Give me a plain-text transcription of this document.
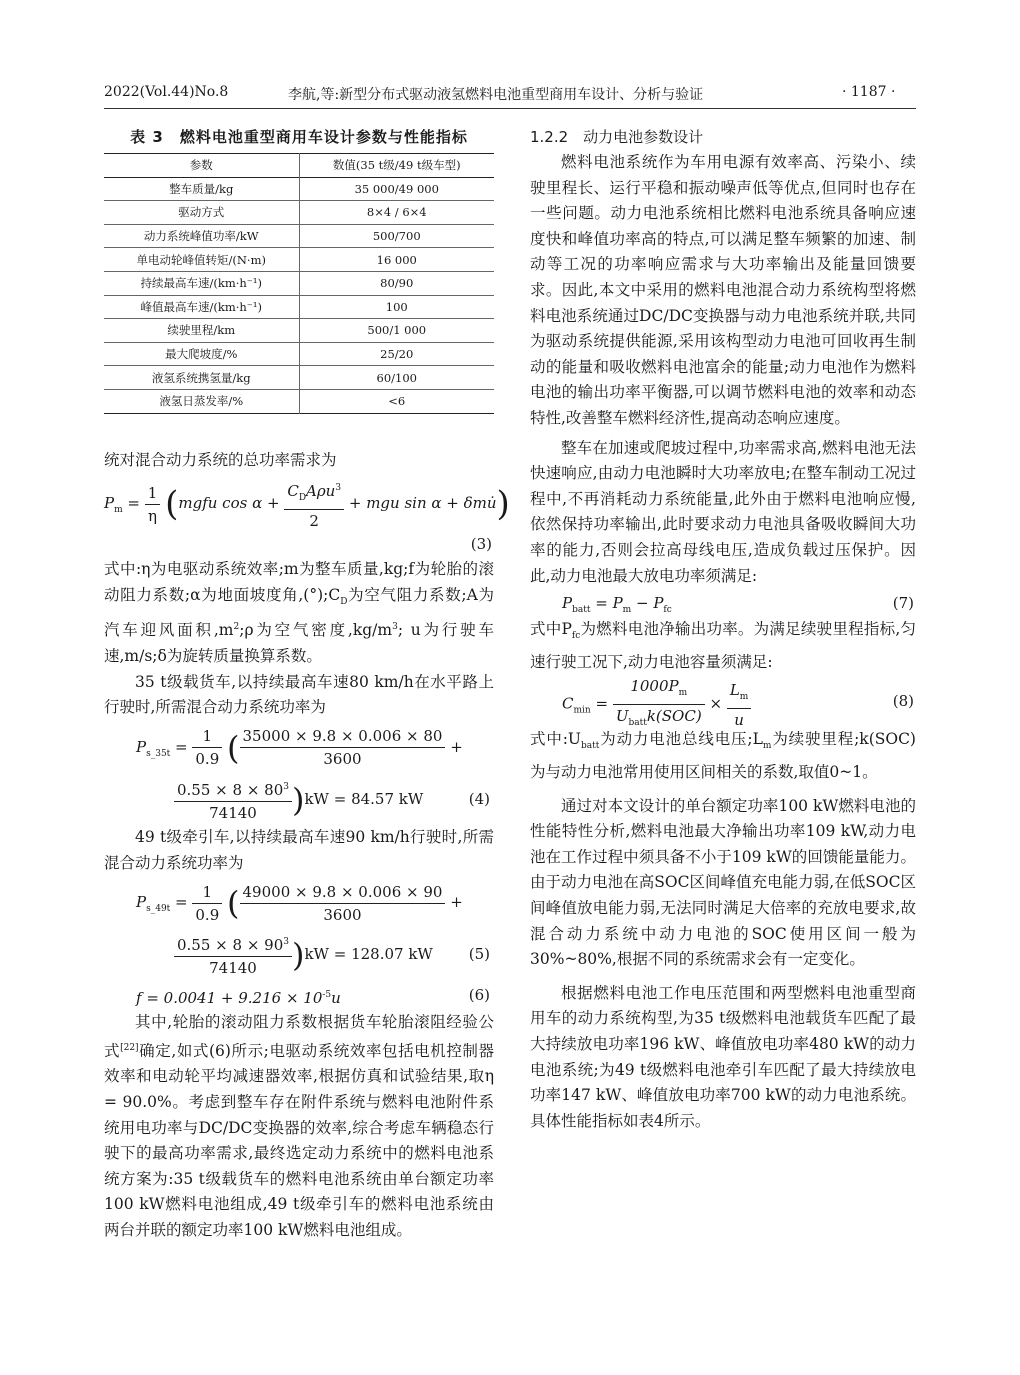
2022(Vol.44)No.8	李航,等:新型分布式驱动液氢燃料电池重型商用车设计、分析与验证	· 1187 ·
表 3　燃料电池重型商用车设计参数与性能指标
参数	数值(35 t级/49 t级车型)
整车质量/kg	35 000/49 000
驱动方式	8×4 / 6×4
动力系统峰值功率/kW	500/700
单电动轮峰值转矩/(N·m)	16 000
持续最高车速/(km·h⁻¹)	80/90
峰值最高车速/(km·h⁻¹)	100
续驶里程/km	500/1 000
最大爬坡度/%	25/20
液氢系统携氢量/kg	60/100
液氢日蒸发率/%	<6

统对混合动力系统的总功率需求为

$P_m = \frac{1}{\eta}$ (mgfu $\cos \alpha + \frac{C_DA\rho u^3}{2}$ + mgu sin α + δmu̇)
(3)

式中:η为电驱动系统效率;m为整车质量,kg;f为轮胎的滚动阻力系数;α为地面坡度角$,(^\circ);C_D$为空气阻力系数;A为汽车迎风面积$,m^2;\rho$为空气密度$,kg/m^3$; u为行驶车速,m/s;δ为旋转质量换算系数。

35 t级载货车,以持续最高车速80 km/h在水平路上行驶时,所需混合动力系统功率为

$P_{s\_35t} = \frac{1}{0.9}$ ( $\frac{35000 \times 9.8 \times 0.006 \times 80}{3600}$ +
$\frac{0.55 \times 8 \times 80^3}{74140} )kW = 84.57$ kW	(4)

49 t级牵引车,以持续最高车速90 km/h行驶时,所需混合动力系统功率为

$P_{s\_49t} = \frac{1}{0.9}$ ( $\frac{49000 \times 9.8 \times 0.006 \times 90}{3600}$ +
$\frac{0.55 \times 8 \times 90^3}{74140} )kW = 128.07$ kW (5)
$f = 0.0041 + 9.216 \times 10^{-5}u$	(6)

其中,轮胎的滚动阻力系数根据货车轮胎滚阻经验公式[22]确定,如式(6)所示;电驱动系统效率包括电机控制器效率和电动轮平均减速器效率,根据仿真和试验结果,取η = 90.0%。考虑到整车存在附件系统与燃料电池附件系统用电功率与DC/DC变换器的效率,综合考虑车辆稳态行驶下的最高功率需求,最终选定动力系统中的燃料电池系统方案为:35 t级载货车的燃料电池系统由单台额定功率100 kW燃料电池组成,49 t级牵引车的燃料电池系统由两台并联的额定功率100 kW燃料电池组成。

1.2.2　动力电池参数设计

燃料电池系统作为车用电源有效率高、污染小、续驶里程长、运行平稳和振动噪声低等优点,但同时也存在一些问题。动力电池系统相比燃料电池系统具备响应速度快和峰值功率高的特点,可以满足整车频繁的加速、制动等工况的功率响应需求与大功率输出及能量回馈要求。因此,本文中采用的燃料电池混合动力系统构型将燃料电池系统通过DC/DC变换器与动力电池系统并联,共同为驱动系统提供能源,采用该构型动力电池可回收再生制动的能量和吸收燃料电池富余的能量;动力电池作为燃料电池的输出功率平衡器,可以调节燃料电池的效率和动态特性,改善整车燃料经济性,提高动态响应速度。

整车在加速或爬坡过程中,功率需求高,燃料电池无法快速响应,由动力电池瞬时大功率放电;在整车制动工况过程中,不再消耗动力系统能量,此外由于燃料电池响应慢,依然保持功率输出,此时要求动力电池具备吸收瞬间大功率的能力,否则会拉高母线电压,造成负载过压保护。因此,动力电池最大放电功率须满足:

$P_{batt} = P_m - P_{fc}$	(7)

式中$P_{fc}$为燃料电池净输出功率。为满足续驶里程指标,匀速行驶工况下,动力电池容量须满足:

$C_{min} = \frac{1000P_m}{U_{batt}k(SOC)} \times \frac{L_m}{u}$	(8)

式中$:U_{batt}$为动力电池总线电压$;L_m$为续驶里程;k(SOC)为与动力电池常用使用区间相关的系数,取值0~1。

通过对本文设计的单台额定功率100 kW燃料电池的性能特性分析,燃料电池最大净输出功率109 kW,动力电池在工作过程中须具备不小于109 kW的回馈能量能力。由于动力电池在高SOC区间峰值充电能力弱,在低SOC区间峰值放电能力弱,无法同时满足大倍率的充放电要求,故混合动力系统中动力电池的SOC使用区间一般为30%~80%,根据不同的系统需求会有一定变化。

根据燃料电池工作电压范围和两型燃料电池重型商用车的动力系统构型,为35 t级燃料电池载货车匹配了最大持续放电功率196 kW、峰值放电功率480 kW的动力电池系统;为49 t级燃料电池牵引车匹配了最大持续放电功率147 kW、峰值放电功率700 kW的动力电池系统。具体性能指标如表4所示。
